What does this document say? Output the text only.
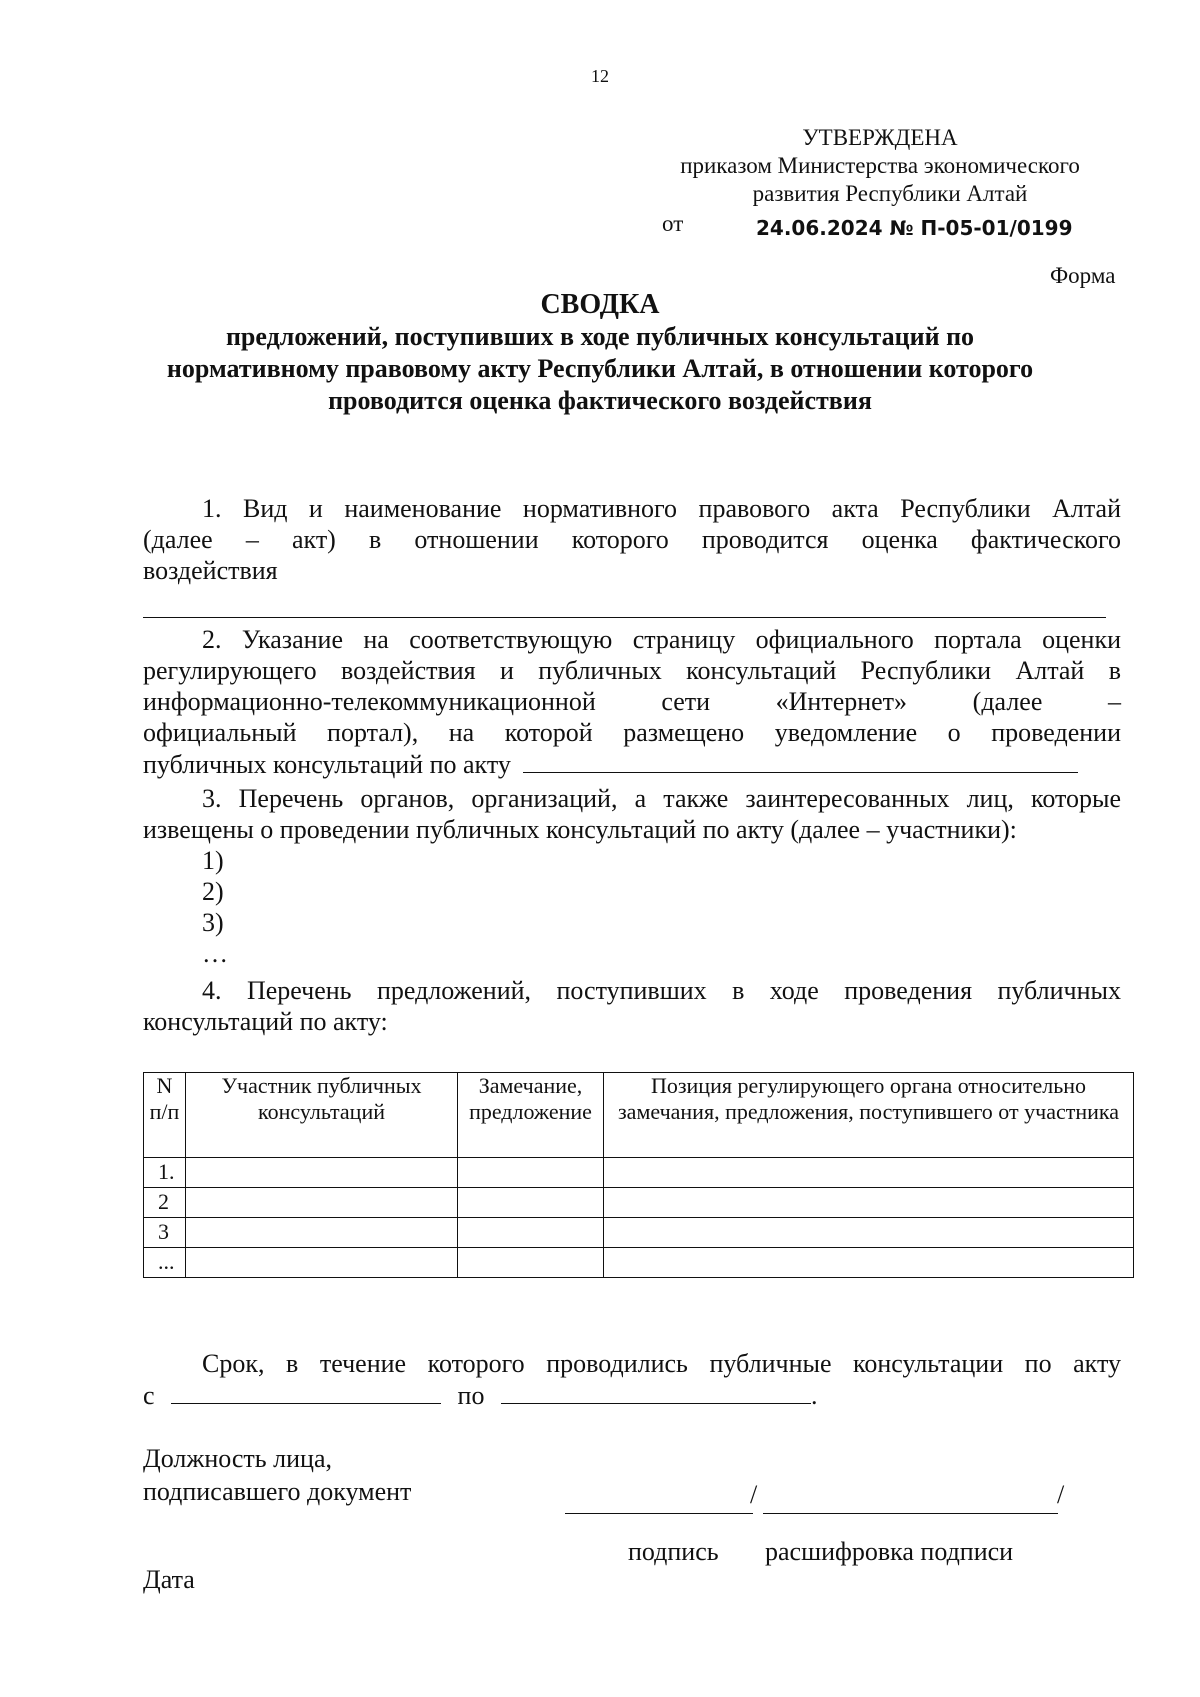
12
УТВЕРЖДЕНА
приказом Министерства экономического
развития Республики Алтай
от	24.06.2024 № П-05-01/0199
Форма
СВОДКА
предложений, поступивших в ходе публичных консультаций по
нормативному правовому акту Республики Алтай, в отношении которого
проводится оценка фактического воздействия
1. Вид и наименование нормативного правового акта Республики Алтай
(далее – акт) в отношении которого проводится оценка фактического
воздействия
2. Указание на соответствующую страницу официального портала оценки
регулирующего воздействия и публичных консультаций Республики Алтай в
информационно-телекоммуникационной сети «Интернет» (далее –
официальный портал), на которой размещено уведомление о проведении
публичных консультаций по акту
3. Перечень органов, организаций, а также заинтересованных лиц, которые
извещены о проведении публичных консультаций по акту (далее – участники):
1)
2)
3)
…
4. Перечень предложений, поступивших в ходе проведения публичных
консультаций по акту:
N п/п	Участник публичных консультаций	Замечание, предложение	Позиция регулирующего органа относительно замечания, предложения, поступившего от участника
1.			
2			
3			
...			
Срок, в течение которого проводились публичные консультации по акту
с	по	.
Должность лица,
подписавшего документ	/	/
подпись расшифровка подписи
Дата
